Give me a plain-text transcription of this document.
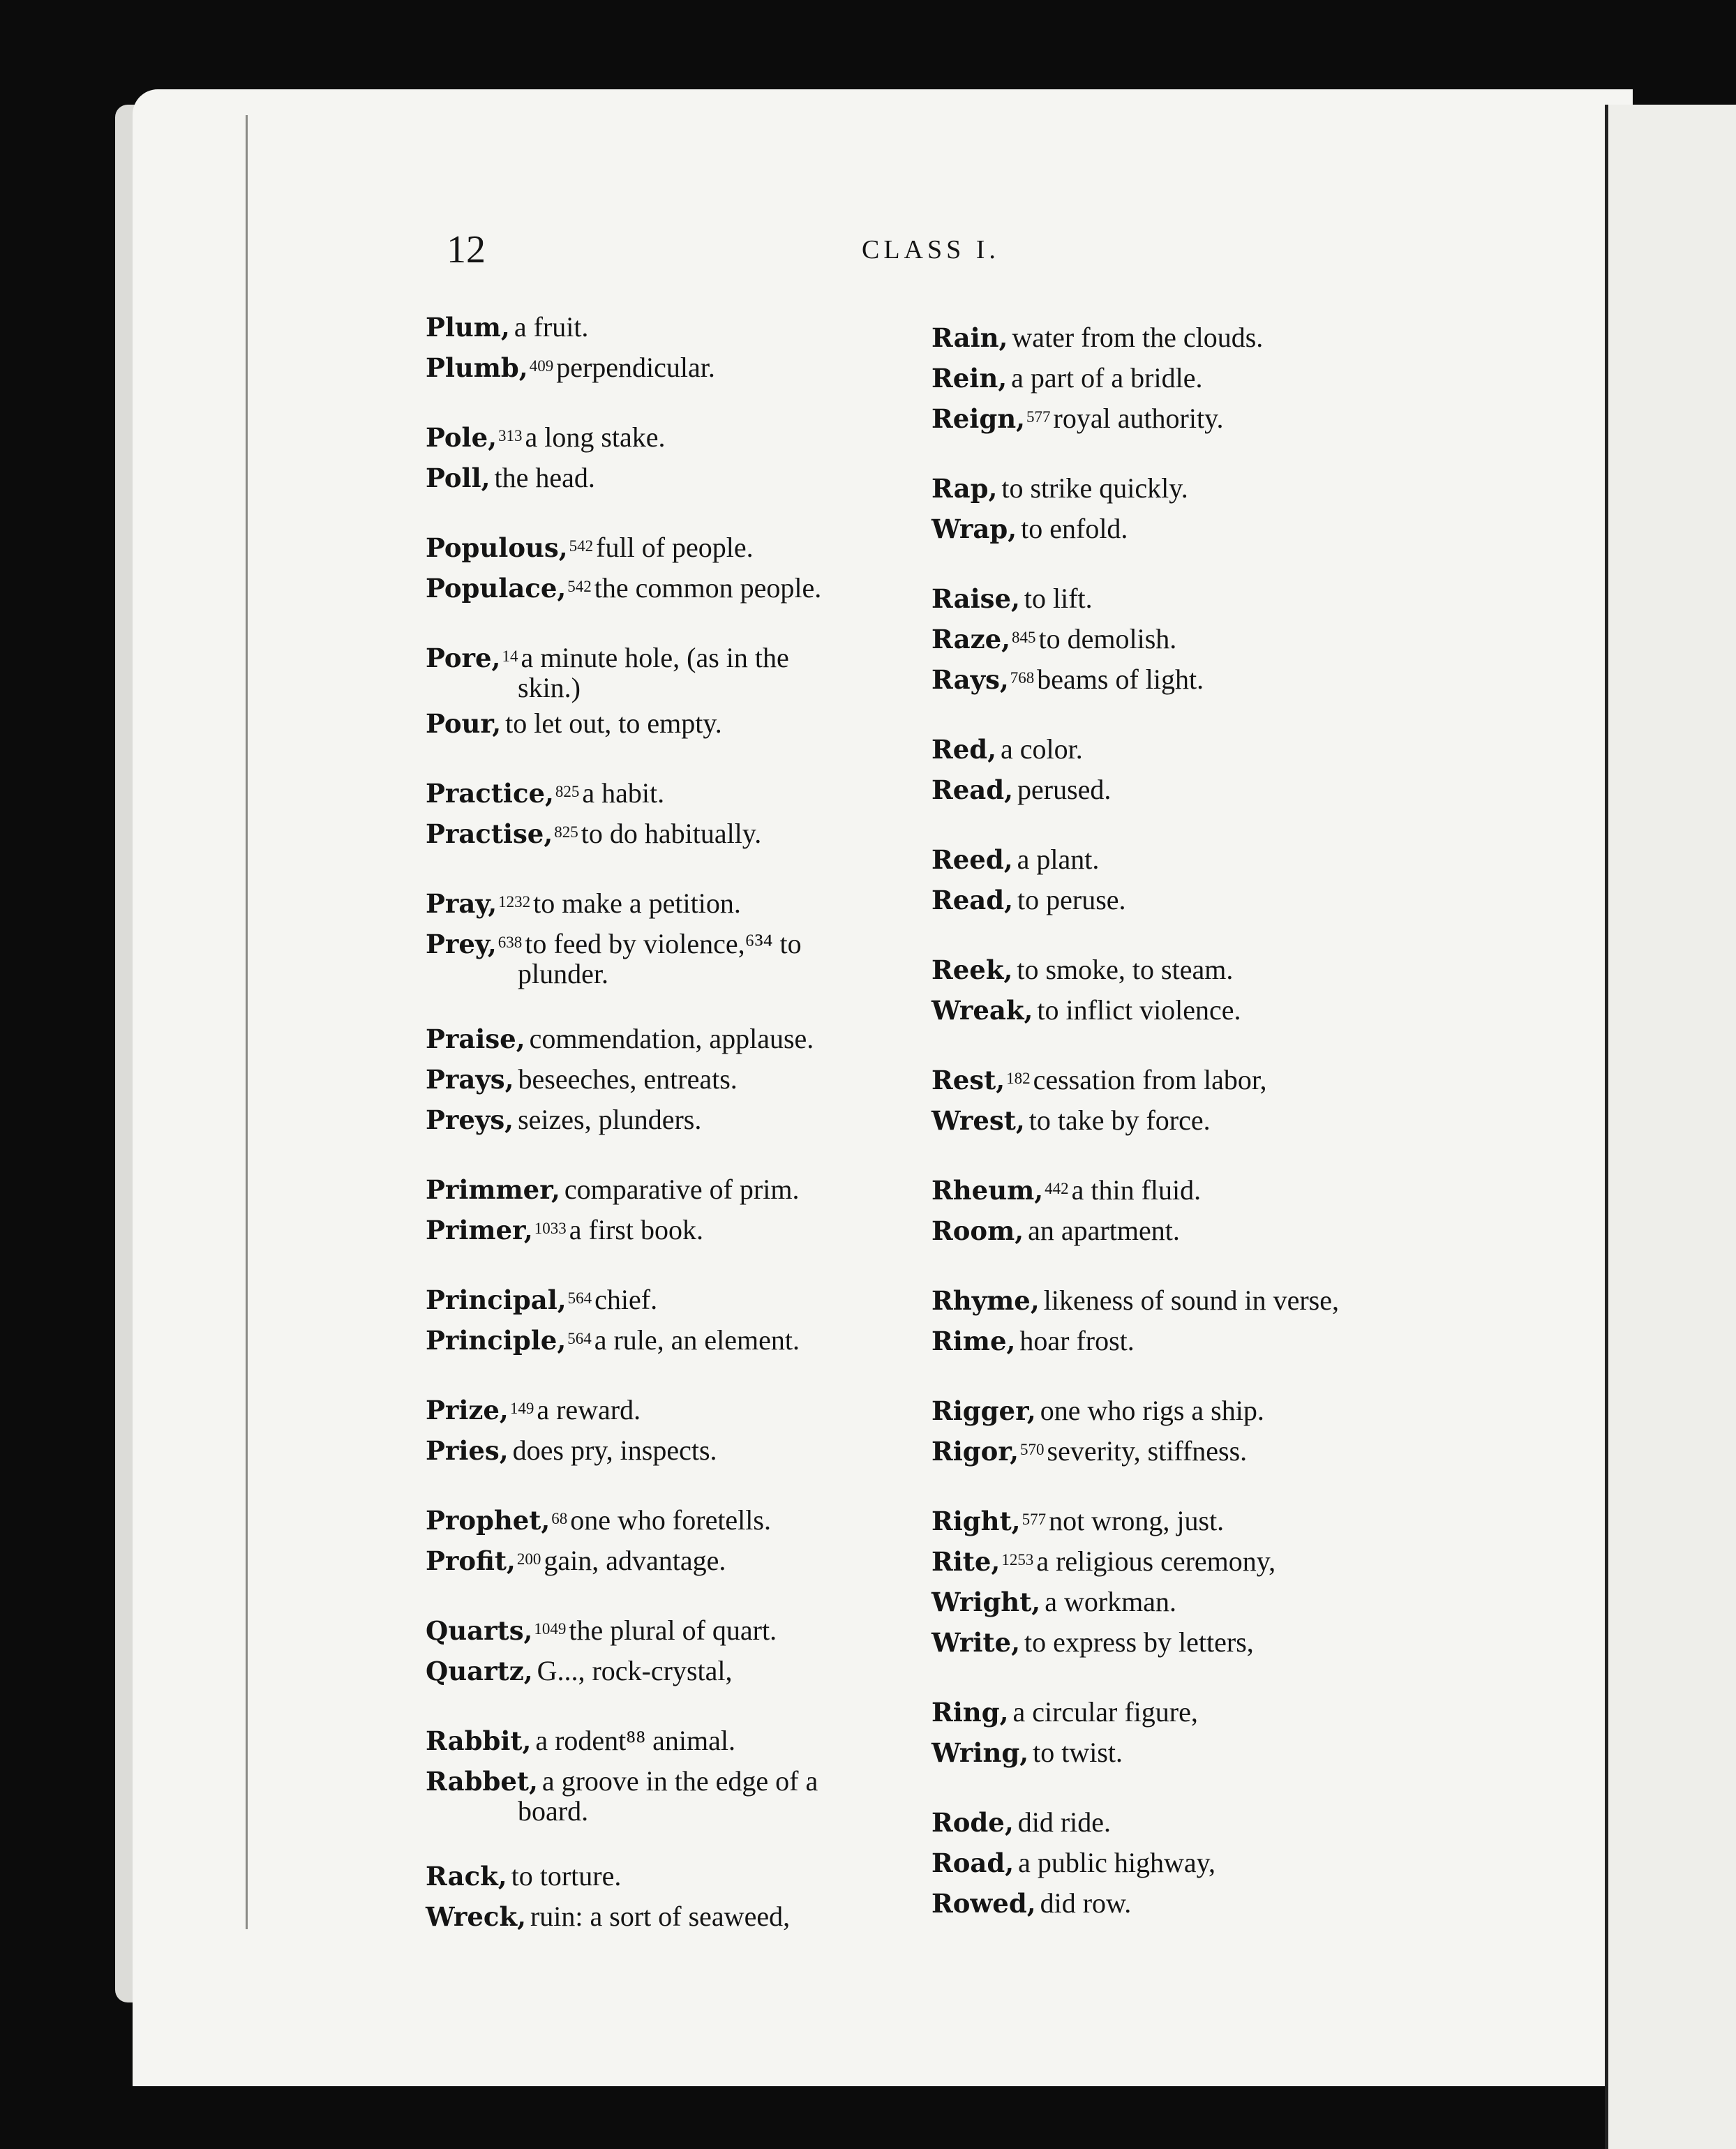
12	CLASS I.

Plum, a fruit.

Plumb,$^{409}$ perpendicular.

Pole,$^{313}$ a long stake.

Poll, the head.

Populous,$^{542}$ full of people.

Populace,$^{542}$ the common people.

Pore,$^{14}$ a minute hole, (as in the
skin.)

Pour, to let out, to empty.

Practice,$^{825}$ a habit.

Practise,$^{825}$ to do habitually.

Pray,$^{1232}$ to make a petition.

Prey,$^{638}$ to feed by violence,⁶³⁴ to
plunder.

Praise, commendation, applause.

Prays, beseeches, entreats.

Preys, seizes, plunders.

Primmer, comparative of prim.

Primer,$^{1033}$ a first book.

Principal,$^{564}$ chief.

Principle,$^{564}$ a rule, an element.

Prize,$^{149}$ a reward.

Pries, does pry, inspects.

Prophet,$^{68}$ one who foretells.

Profit,$^{200}$ gain, advantage.

Quarts,$^{1049}$ the plural of quart.

Quartz, G..., rock-crystal,

Rabbit, a rodent⁸⁸ animal.

Rabbet, a groove in the edge of a
board.

Rack, to torture.

Wreck, ruin: a sort of seaweed,

Rain, water from the clouds.

Rein, a part of a bridle.

Reign,$^{577}$ royal authority.

Rap, to strike quickly.

Wrap, to enfold.

Raise, to lift.

Raze,$^{845}$ to demolish.

Rays,$^{768}$ beams of light.

Red, a color.

Read, perused.

Reed, a plant.

Read, to peruse.

Reek, to smoke, to steam.

Wreak, to inflict violence.

Rest,$^{182}$ cessation from labor,

Wrest, to take by force.

Rheum,$^{442}$ a thin fluid.

Room, an apartment.

Rhyme, likeness of sound in verse,

Rime, hoar frost.

Rigger, one who rigs a ship.

Rigor,$^{570}$ severity, stiffness.

Right,$^{577}$ not wrong, just.

Rite,$^{1253}$ a religious ceremony,

Wright, a workman.

Write, to express by letters,

Ring, a circular figure,

Wring, to twist.

Rode, did ride.

Road, a public highway,

Rowed, did row.
